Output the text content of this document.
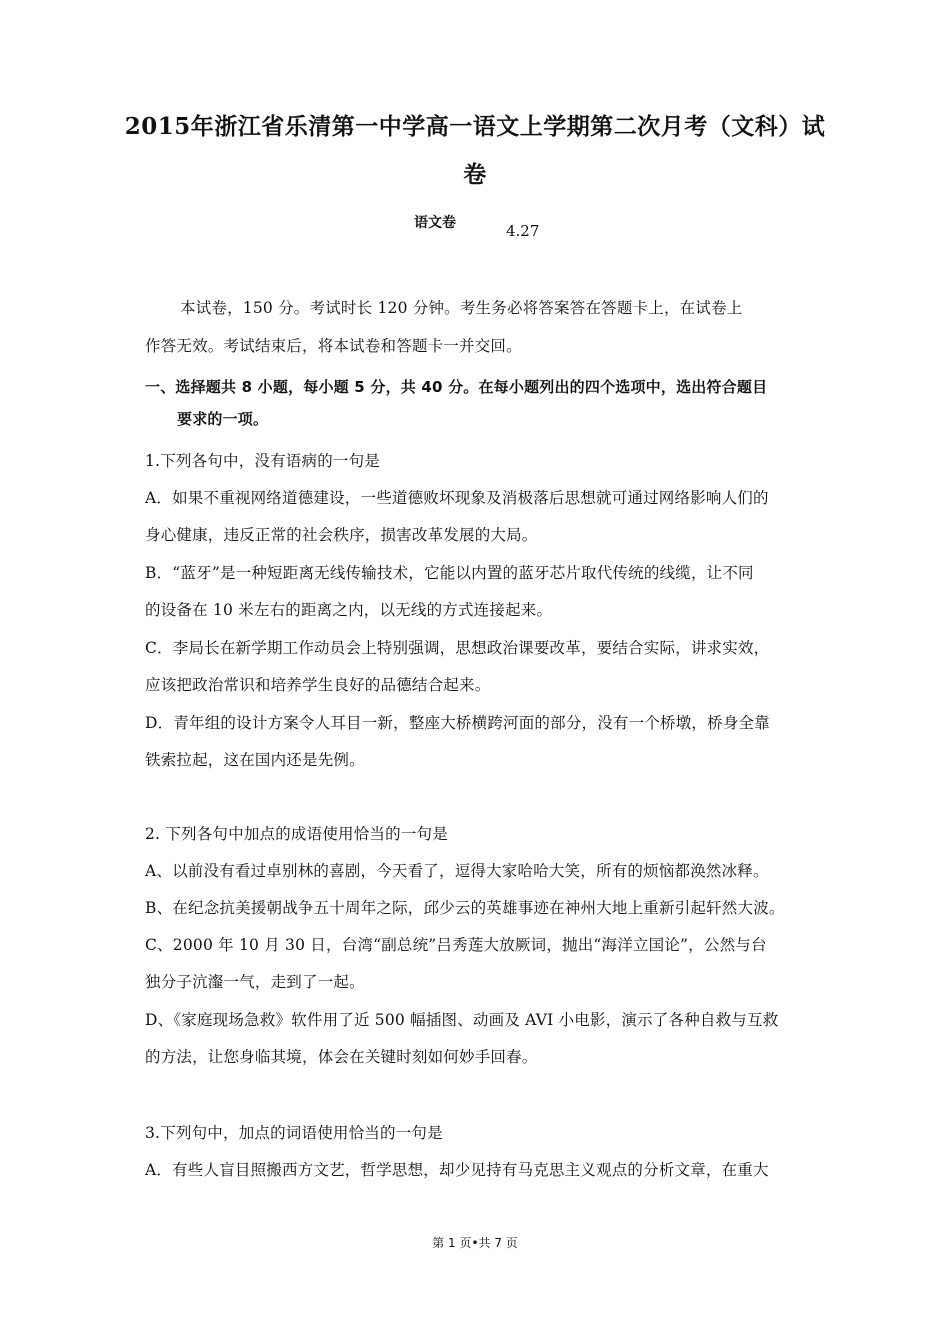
2015年浙江省乐清第一中学高一语文上学期第二次月考（文科）试
卷
语文卷	4.27
本试卷，150 分。考试时长 120 分钟。考生务必将答案答在答题卡上，在试卷上
作答无效。考试结束后，将本试卷和答题卡一并交回。
一、选择题共 8 小题，每小题 5 分，共 40 分。在每小题列出的四个选项中，选出符合题目
要求的一项。
1.下列各句中，没有语病的一句是
A．如果不重视网络道德建设，一些道德败坏现象及消极落后思想就可通过网络影响人们的
身心健康，违反正常的社会秩序，损害改革发展的大局。
B．“蓝牙”是一种短距离无线传输技术，它能以内置的蓝牙芯片取代传统的线缆，让不同
的设备在 10 米左右的距离之内，以无线的方式连接起来。
C．李局长在新学期工作动员会上特别强调，思想政治课要改革，要结合实际，讲求实效，
应该把政治常识和培养学生良好的品德结合起来。
D．青年组的设计方案令人耳目一新，整座大桥横跨河面的部分，没有一个桥墩，桥身全靠
铁索拉起，这在国内还是先例。
2. 下列各句中加点的成语使用恰当的一句是
A、以前没有看过卓别林的喜剧，今天看了，逗得大家哈哈大笑，所有的烦恼都涣然冰释。
B、在纪念抗美援朝战争五十周年之际，邱少云的英雄事迹在神州大地上重新引起轩然大波。
C、2000 年 10 月 30 日，台湾“副总统”吕秀莲大放厥词，抛出“海洋立国论”，公然与台
独分子沆瀣一气，走到了一起。
D、《家庭现场急救》软件用了近 500 幅插图、动画及 AVI 小电影，演示了各种自救与互救
的方法，让您身临其境，体会在关键时刻如何妙手回春。
3.下列句中，加点的词语使用恰当的一句是
A．有些人盲目照搬西方文艺，哲学思想，却少见持有马克思主义观点的分析文章，在重大
第 1 页•共 7 页
